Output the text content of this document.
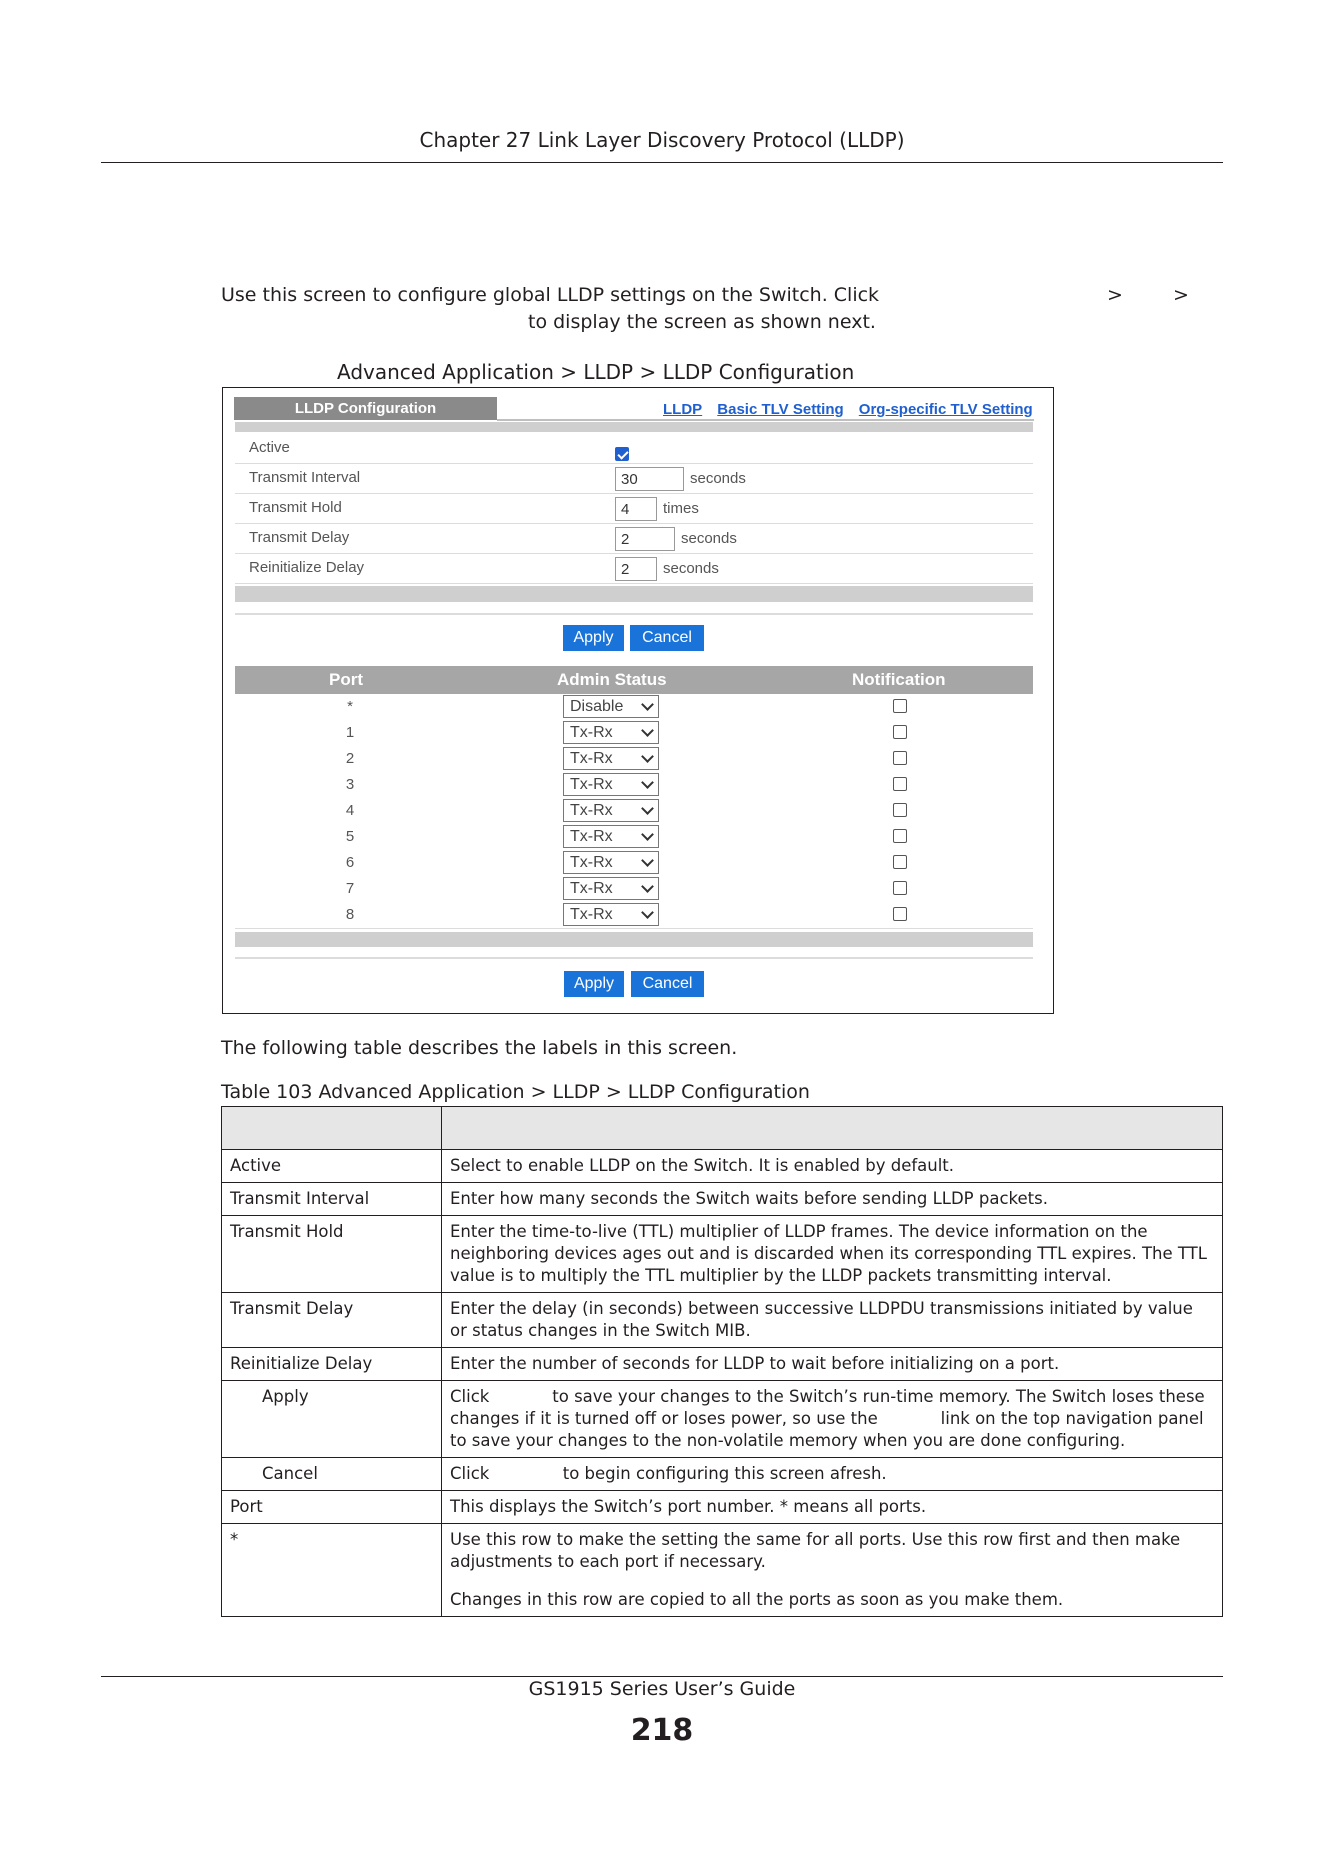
Chapter 27 Link Layer Discovery Protocol (LLDP)
Use this screen to configure global LLDP settings on the Switch. Click	>	>
to display the screen as shown next.
Advanced Application > LLDP > LLDP Configuration
LLDP Configuration	LLDP Basic TLV Setting Org-specific TLV Setting
Active
Transmit Interval	30	seconds
Transmit Hold	4	times
Transmit Delay	2	seconds
Reinitialize Delay	2	seconds
Apply	Cancel
Port	Admin Status	Notification
*	Disable
1	Tx-Rx
2	Tx-Rx
3	Tx-Rx
4	Tx-Rx
5	Tx-Rx
6	Tx-Rx
7	Tx-Rx
8	Tx-Rx
Apply	Cancel
The following table describes the labels in this screen.
Table 103 Advanced Application > LLDP > LLDP Configuration

Active	Select to enable LLDP on the Switch. It is enabled by default.
Transmit Interval	Enter how many seconds the Switch waits before sending LLDP packets.
Transmit Hold	Enter the time-to-live (TTL) multiplier of LLDP frames. The device information on the neighboring devices ages out and is discarded when its corresponding TTL expires. The TTL value is to multiply the TTL multiplier by the LLDP packets transmitting interval.
Transmit Delay	Enter the delay (in seconds) between successive LLDPDU transmissions initiated by value or status changes in the Switch MIB.
Reinitialize Delay	Enter the number of seconds for LLDP to wait before initializing on a port.
Apply	Click            to save your changes to the Switch’s run-time memory. The Switch loses these changes if it is turned off or loses power, so use the            link on the top navigation panel to save your changes to the non-volatile memory when you are done configuring.
Cancel	Click              to begin configuring this screen afresh.
Port	This displays the Switch’s port number. * means all ports.
*	Use this row to make the setting the same for all ports. Use this row first and then make adjustments to each port if necessary.
Changes in this row are copied to all the ports as soon as you make them.
GS1915 Series User’s Guide
218
